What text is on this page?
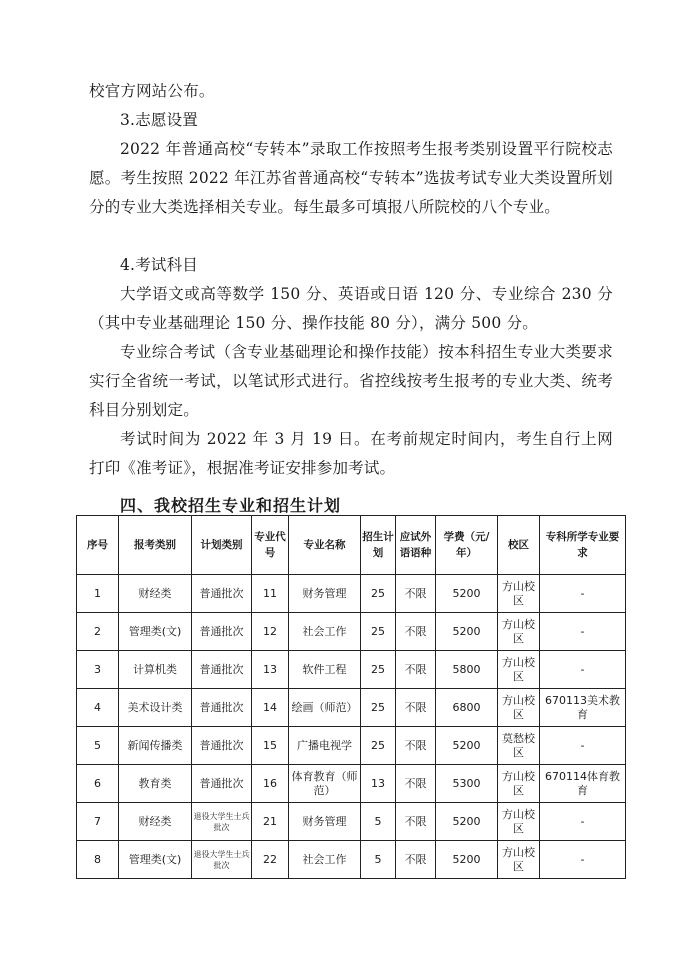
校官方网站公布。

3.志愿设置

2022 年普通高校“专转本”录取工作按照考生报考类别设置平行院校志愿。考生按照 2022 年江苏省普通高校“专转本”选拔考试专业大类设置所划分的专业大类选择相关专业。每生最多可填报八所院校的八个专业。

4.考试科目

大学语文或高等数学 150 分、英语或日语 120 分、专业综合 230 分（其中专业基础理论 150 分、操作技能 80 分），满分 500 分。

专业综合考试（含专业基础理论和操作技能）按本科招生专业大类要求实行全省统一考试，以笔试形式进行。省控线按考生报考的专业大类、统考科目分别划定。

考试时间为 2022 年 3 月 19 日。在考前规定时间内，考生自行上网打印《准考证》，根据准考证安排参加考试。

四、我校招生专业和招生计划
序号	报考类别	计划类别	专业代号	专业名称	招生计划	应试外语语种	学费（元/年）	校区	专科所学专业要求
1	财经类	普通批次	11	财务管理	25	不限	5200	方山校区	-
2	管理类(文)	普通批次	12	社会工作	25	不限	5200	方山校区	-
3	计算机类	普通批次	13	软件工程	25	不限	5800	方山校区	-
4	美术设计类	普通批次	14	绘画（师范）	25	不限	6800	方山校区	670113美术教育
5	新闻传播类	普通批次	15	广播电视学	25	不限	5200	莫愁校区	-
6	教育类	普通批次	16	体育教育（师范）	13	不限	5300	方山校区	670114体育教育
7	财经类	退役大学生士兵批次	21	财务管理	5	不限	5200	方山校区	-
8	管理类(文)	退役大学生士兵批次	22	社会工作	5	不限	5200	方山校区	-
